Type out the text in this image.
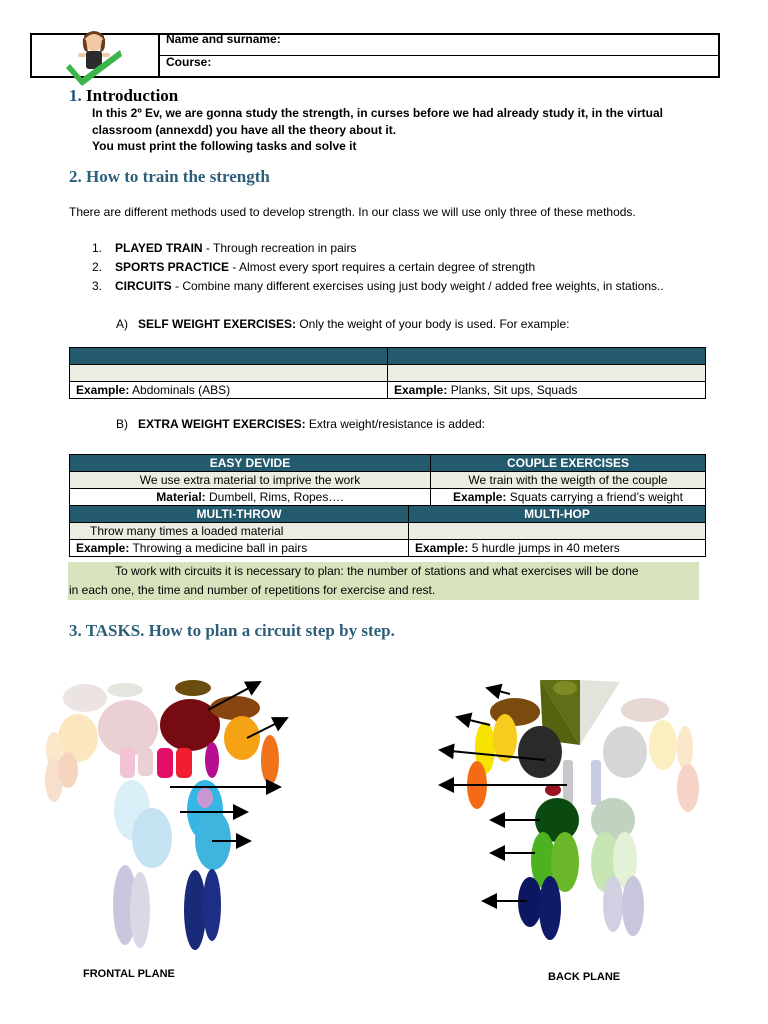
Name and surname:
Course:
1. Introduction

In this 2º Ev, we are gonna study the strength, in curses before we had already study it, in the virtual

classroom (annexdd) you have all the theory about it.

You must print the following tasks and solve it

2. How to train the strength
There are different methods used to develop strength. In our class we will use only three of these methods.
1. PLAYED TRAIN - Through recreation in pairs
2. SPORTS PRACTICE - Almost every sport requires a certain degree of strength
3. CIRCUITS - Combine many different exercises using just body weight / added free weights, in stations..
A) SELF WEIGHT EXERCISES: Only the weight of your body is used. For example:

Example: Abdominals (ABS)	Example: Planks, Sit ups, Squads
B) EXTRA WEIGHT EXERCISES: Extra weight/resistance is added:
EASY DEVIDE	COUPLE EXERCISES
We use extra material to imprive the work	We train with the weigth of the couple
Material: Dumbell, Rims, Ropes….	Example: Squats carrying a friend’s weight
MULTI-THROW	MULTI-HOP
Throw many times a loaded material	
Example: Throwing a medicine ball in pairs	Example: 5 hurdle jumps in 40 meters
To work with circuits it is necessary to plan: the number of stations and what exercises will be done
in each one, the time and number of repetitions for exercise and rest.
3. TASKS. How to plan a circuit step by step.
FRONTAL PLANE	BACK PLANE
